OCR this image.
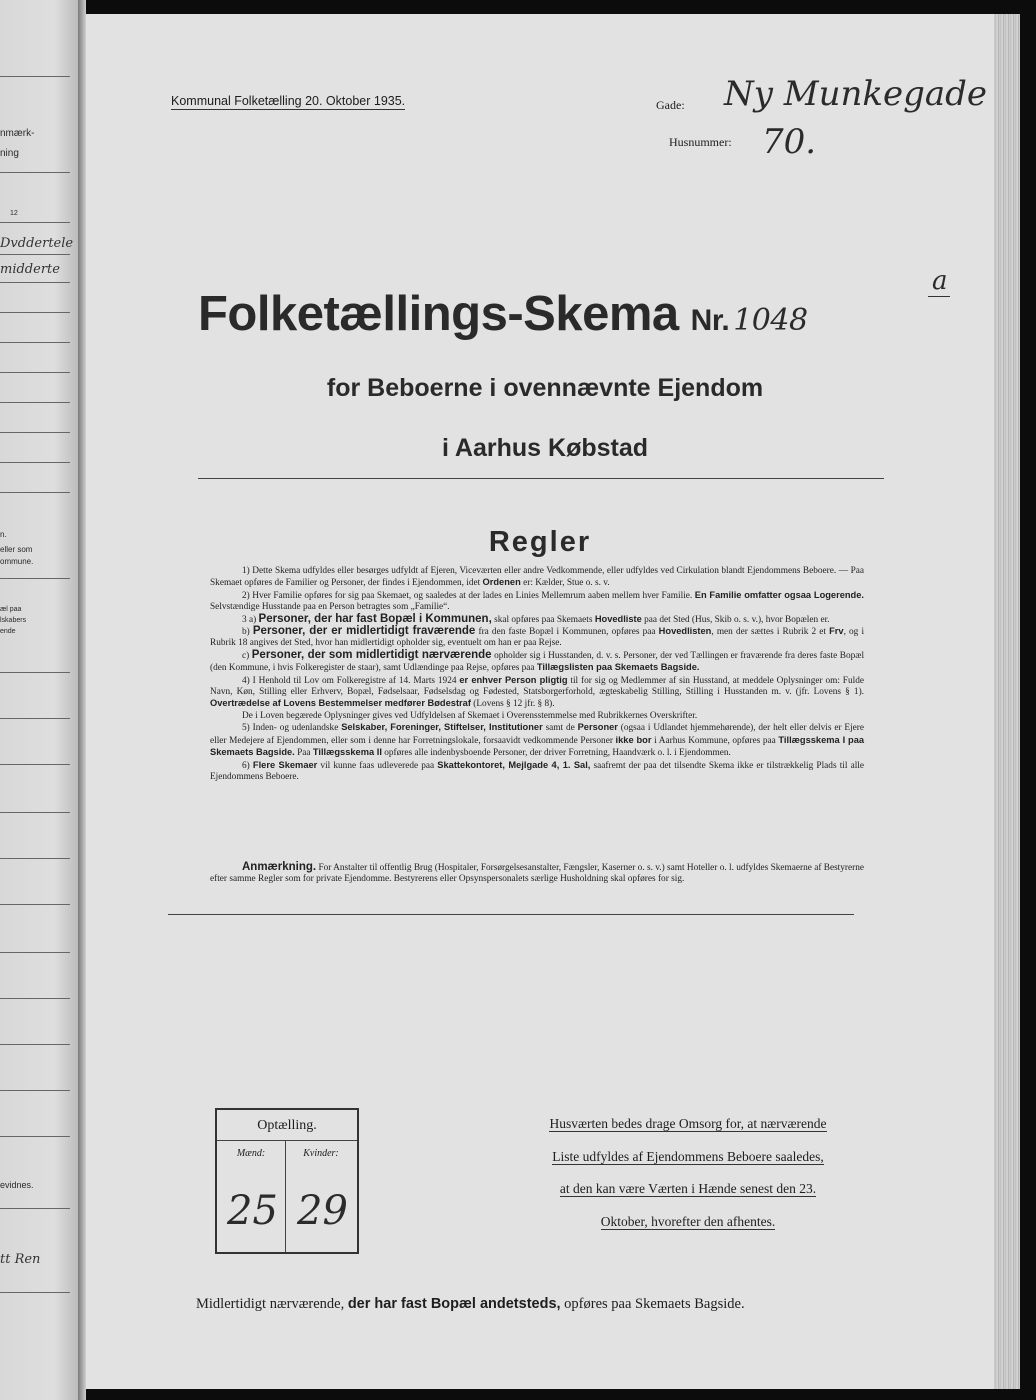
nmærk-
ning
12
Dvddertele
midderte
n.
eller som
ommune.
æl paa
lskabers
ende
evidnes.
tt Ren
Kommunal Folketælling 20. Oktober 1935.	Gade: Ny Munkegade
Husnummer: 70.
Folketællings-Skema Nr. 1048
a
for Beboerne i ovennævnte Ejendom
i Aarhus Købstad
Regler

1) Dette Skema udfyldes eller besørges udfyldt af Ejeren, Viceværten eller andre Vedkommende, eller udfyldes ved Cirkulation blandt Ejendommens Beboere. — Paa Skemaet opføres de Familier og Personer, der findes i Ejendommen, idet Ordenen er: Kælder, Stue o. s. v.

2) Hver Familie opføres for sig paa Skemaet, og saaledes at der lades en Linies Mellemrum aaben mellem hver Familie. En Familie omfatter ogsaa Logerende. Selvstændige Husstande paa en Person betragtes som „Familie“.

3 a) Personer, der har fast Bopæl i Kommunen, skal opføres paa Skemaets Hovedliste paa det Sted (Hus, Skib o. s. v.), hvor Bopælen er.

b) Personer, der er midlertidigt fraværende fra den faste Bopæl i Kommunen, opføres paa Hovedlisten, men der sættes i Rubrik 2 et Frv, og i Rubrik 18 angives det Sted, hvor han midlertidigt opholder sig, eventuelt om han er paa Rejse.

c) Personer, der som midlertidigt nærværende opholder sig i Husstanden, d. v. s. Personer, der ved Tællingen er fraværende fra deres faste Bopæl (den Kommune, i hvis Folkeregister de staar), samt Udlændinge paa Rejse, opføres paa Tillægslisten paa Skemaets Bagside.

4) I Henhold til Lov om Folkeregistre af 14. Marts 1924 er enhver Person pligtig til for sig og Medlemmer af sin Husstand, at meddele Oplysninger om: Fulde Navn, Køn, Stilling eller Erhverv, Bopæl, Fødselsaar, Fødselsdag og Fødested, Statsborgerforhold, ægteskabelig Stilling, Stilling i Husstanden m. v. (jfr. Lovens § 1). Overtrædelse af Lovens Bestemmelser medfører Bødestraf (Lovens § 12 jfr. § 8).

De i Loven begærede Oplysninger gives ved Udfyldelsen af Skemaet i Overensstemmelse med Rubrikkernes Overskrifter.

5) Inden- og udenlandske Selskaber, Foreninger, Stiftelser, Institutioner samt de Personer (ogsaa i Udlandet hjemmehørende), der helt eller delvis er Ejere eller Medejere af Ejendommen, eller som i denne har Forretningslokale, forsaavidt vedkommende Personer ikke bor i Aarhus Kommune, opføres paa Tillægsskema I paa Skemaets Bagside. Paa Tillægsskema II opføres alle indenbysboende Personer, der driver Forretning, Haandværk o. l. i Ejendommen.

6) Flere Skemaer vil kunne faas udleverede paa Skattekontoret, Mejlgade 4, 1. Sal, saafremt der paa det tilsendte Skema ikke er tilstrækkelig Plads til alle Ejendommens Beboere.

Anmærkning. For Anstalter til offentlig Brug (Hospitaler, Forsørgelsesanstalter, Fængsler, Kaserner o. s. v.) samt Hoteller o. l. udfyldes Skemaerne af Bestyrerne efter samme Regler som for private Ejendomme. Bestyrerens eller Opsynspersonalets særlige Husholdning skal opføres for sig.

Optælling.
Mænd:	Kvinder:
25 29
Husværten bedes drage Omsorg for, at nærværende
Liste udfyldes af Ejendommens Beboere saaledes,
at den kan være Værten i Hænde senest den 23.
Oktober, hvorefter den afhentes.
Midlertidigt nærværende, der har fast Bopæl andetsteds, opføres paa Skemaets Bagside.
